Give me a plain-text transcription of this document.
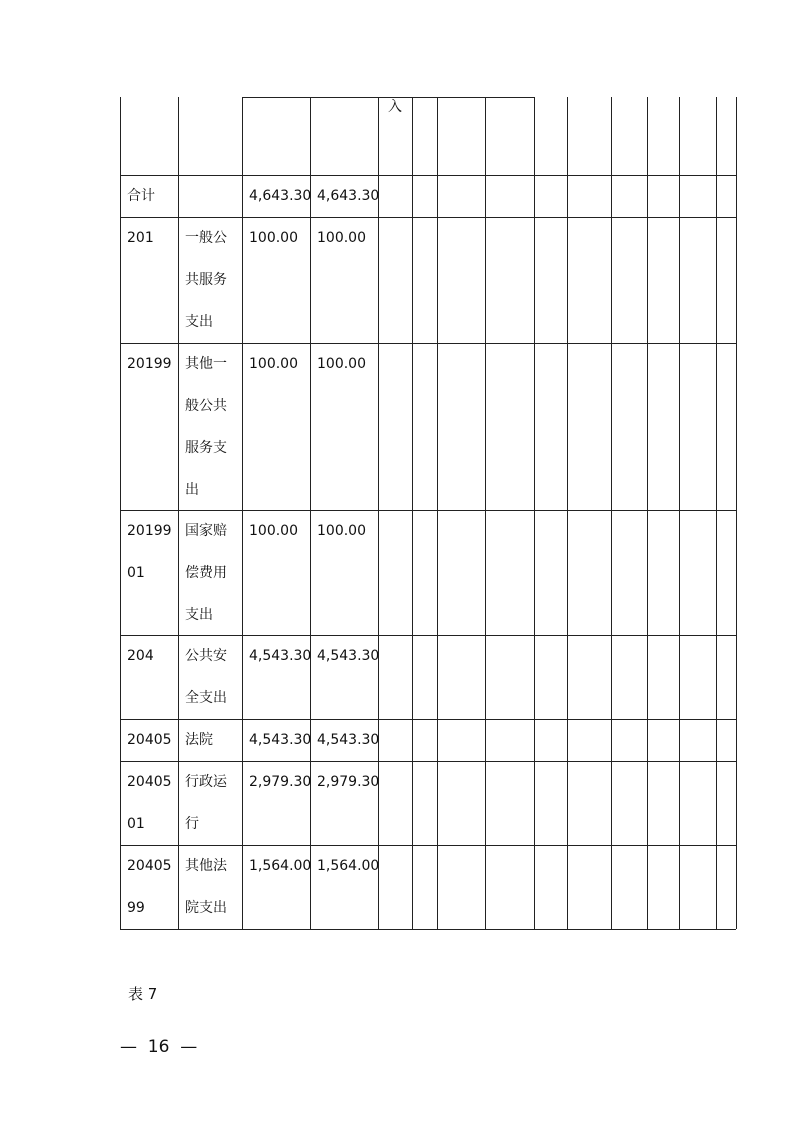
入
合计	4,643.30 4,643.30
201 一般公
共服务
支出
100.00 100.00
20199 其他一
般公共
服务支
出
100.00 100.00
20199
01
国家赔
偿费用
支出
100.00 100.00
204 公共安
全支出
4,543.30 4,543.30
20405 法院	4,543.30 4,543.30
20405
01
行政运
行
2,979.30 2,979.30
20405
99
其他法
院支出
1,564.00 1,564.00
表 7
—  16  —
